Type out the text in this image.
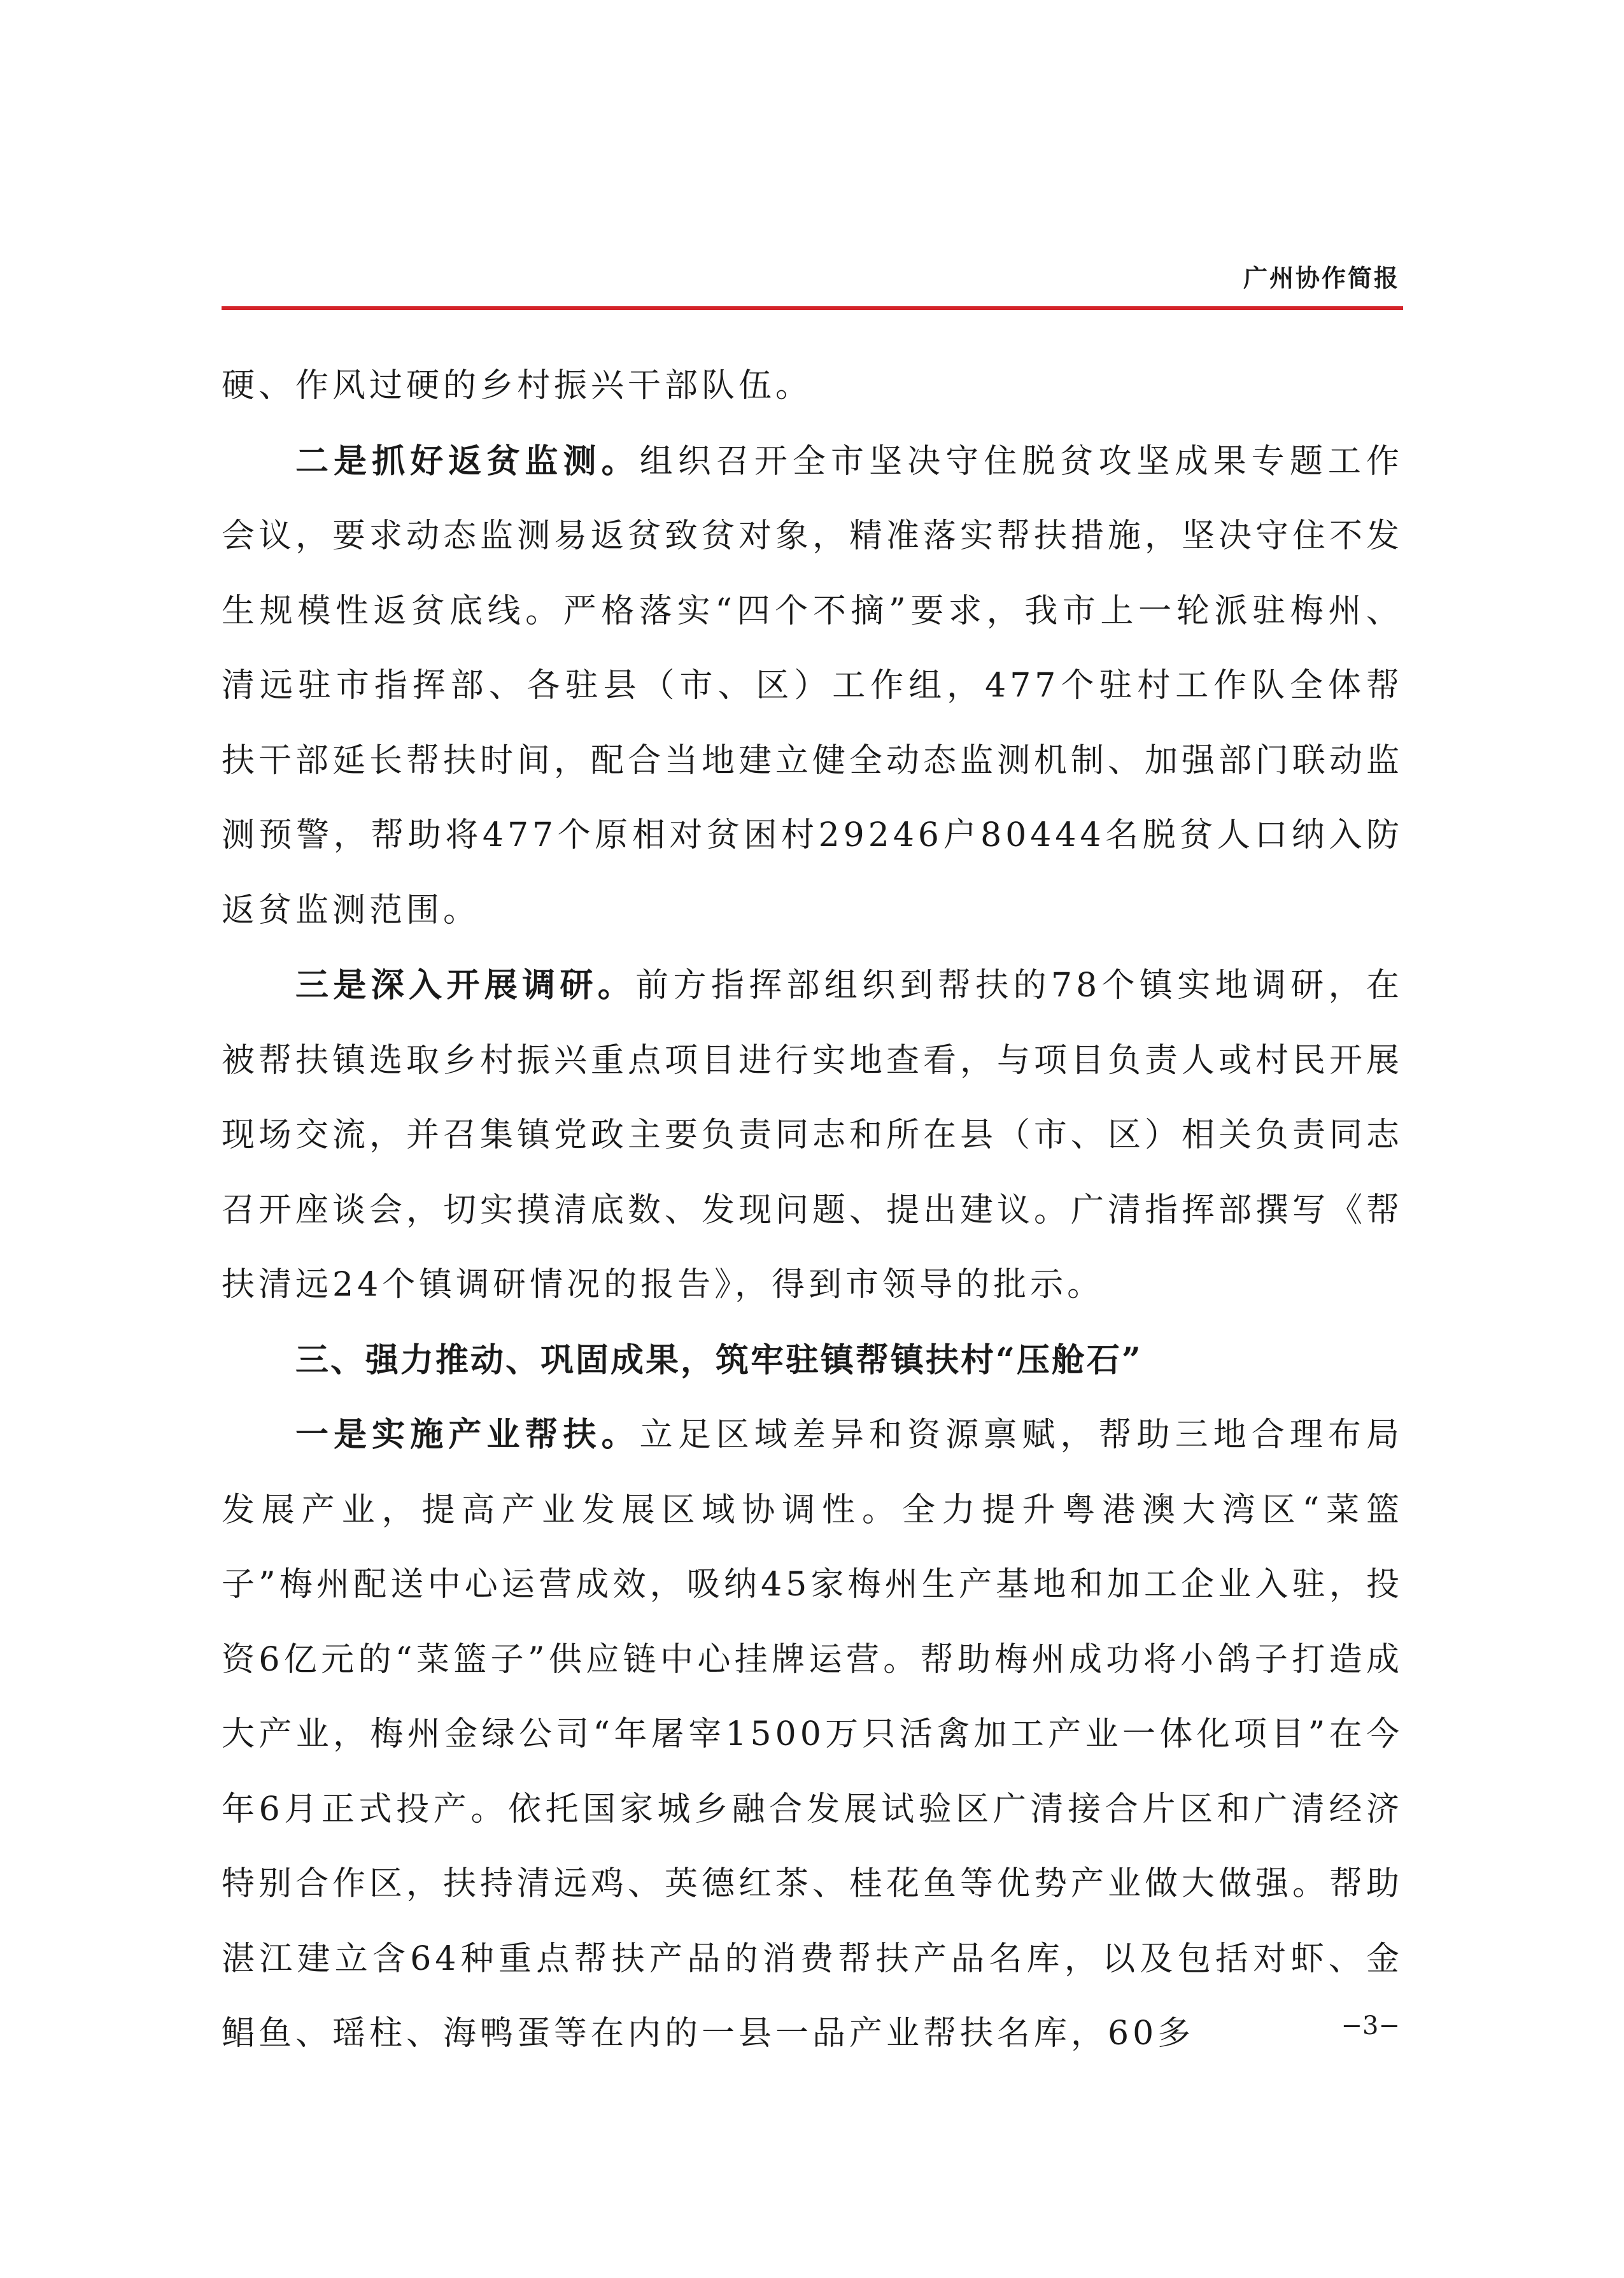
广州协作简报

硬、作风过硬的乡村振兴干部队伍。

二是抓好返贫监测。组织召开全市坚决守住脱贫攻坚成果专题工作会议，要求动态监测易返贫致贫对象，精准落实帮扶措施，坚决守住不发生规模性返贫底线。严格落实“四个不摘”要求，我市上一轮派驻梅州、清远驻市指挥部、各驻县（市、区）工作组，477个驻村工作队全体帮扶干部延长帮扶时间，配合当地建立健全动态监测机制、加强部门联动监测预警，帮助将477个原相对贫困村29246户80444名脱贫人口纳入防返贫监测范围。

三是深入开展调研。前方指挥部组织到帮扶的78个镇实地调研，在被帮扶镇选取乡村振兴重点项目进行实地查看，与项目负责人或村民开展现场交流，并召集镇党政主要负责同志和所在县（市、区）相关负责同志召开座谈会，切实摸清底数、发现问题、提出建议。广清指挥部撰写《帮扶清远24个镇调研情况的报告》，得到市领导的批示。

三、强力推动、巩固成果，筑牢驻镇帮镇扶村“压舱石”

一是实施产业帮扶。立足区域差异和资源禀赋，帮助三地合理布局发展产业，提高产业发展区域协调性。全力提升粤港澳大湾区“菜篮子”梅州配送中心运营成效，吸纳45家梅州生产基地和加工企业入驻，投资6亿元的“菜篮子”供应链中心挂牌运营。帮助梅州成功将小鸽子打造成大产业，梅州金绿公司“年屠宰1500万只活禽加工产业一体化项目”在今年6月正式投产。依托国家城乡融合发展试验区广清接合片区和广清经济特别合作区，扶持清远鸡、英德红茶、桂花鱼等优势产业做大做强。帮助湛江建立含64种重点帮扶产品的消费帮扶产品名库，以及包括对虾、金鲳鱼、瑶柱、海鸭蛋等在内的一县一品产业帮扶名库，60多	−3−
